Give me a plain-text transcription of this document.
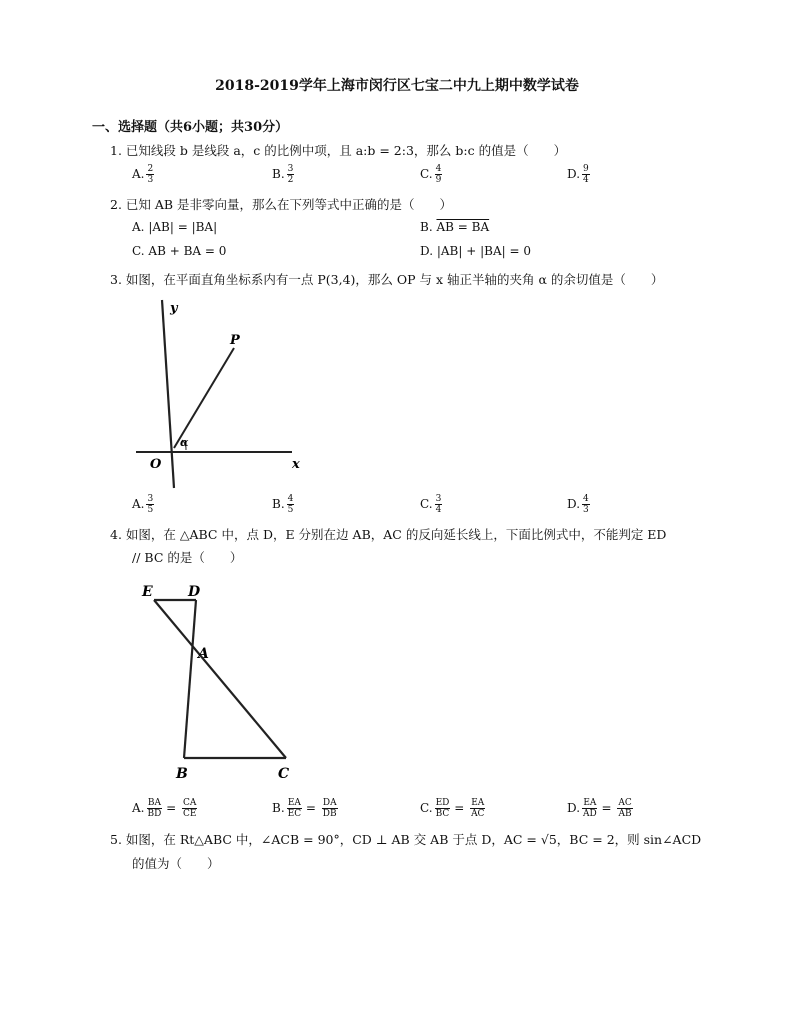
2018-2019学年上海市闵行区七宝二中九上期中数学试卷
一、选择题（共6小题；共30分）
1. 已知线段 b 是线段 a，c 的比例中项，且 a:b = 2:3，那么 b:c 的值是（　　）
A. $\frac{2}{3}$	B. $\frac{3}{2}$	C. $\frac{4}{9}$	D. $\frac{9}{4}$
2. 已知 AB 是非零向量，那么在下列等式中正确的是（　　）
A. |AB| = |BA|	B. AB = BA
C. AB + BA = 0	D. |AB| + |BA| = 0
3. 如图，在平面直角坐标系内有一点 P(3,4)，那么 OP 与 x 轴正半轴的夹角 α 的余切值是（　　）
y
P
O	x
α
A. $\frac{3}{5}$	B. $\frac{4}{5}$	C. $\frac{3}{4}$	D. $\frac{4}{3}$
4. 如图，在 △ABC 中，点 D，E 分别在边 AB，AC 的反向延长线上，下面比例式中，不能判定 ED
// BC 的是（　　）
E	D
A
B	C
A. $\frac{BA}{BD} = \frac{CA}{CE}$	B. $\frac{EA}{EC} = \frac{DA}{DB}$	C. $\frac{ED}{BC} = \frac{EA}{AC}$	D. $\frac{EA}{AD} = \frac{AC}{AB}$
5. 如图，在 Rt△ABC 中，∠ACB = 90°，CD ⊥ AB 交 AB 于点 D，AC = √5，BC = 2，则 sin∠ACD
的值为（　　）
